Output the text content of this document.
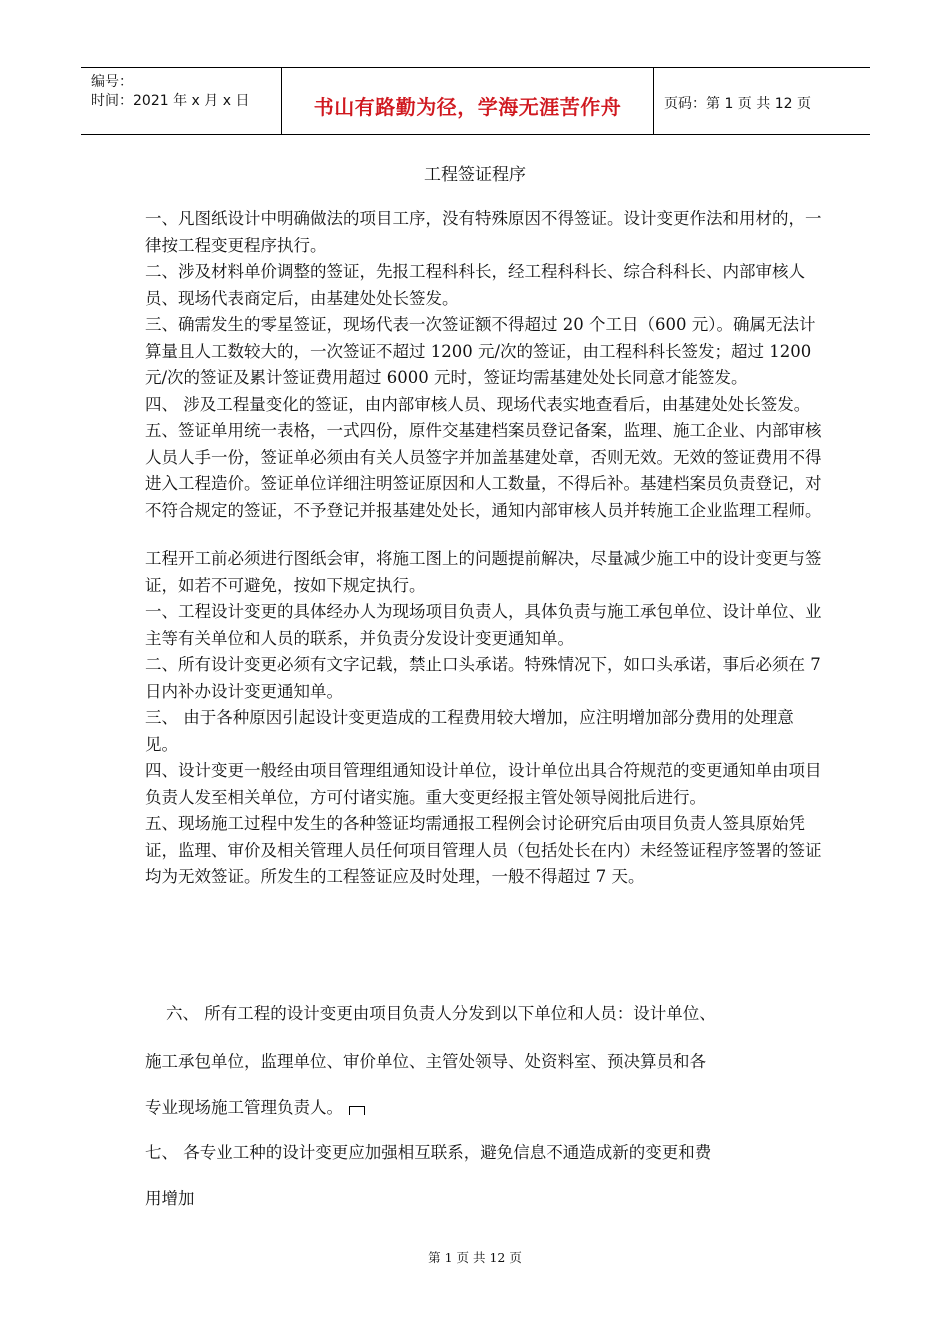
编号：
时间：2021 年 x 月 x 日	书山有路勤为径，学海无涯苦作舟	页码：第 1 页 共 12 页
工程签证程序

一、凡图纸设计中明确做法的项目工序，没有特殊原因不得签证。设计变更作法和用材的，一律按工程变更程序执行。

二、涉及材料单价调整的签证，先报工程科科长，经工程科科长、综合科科长、内部审核人员、现场代表商定后，由基建处处长签发。

三、确需发生的零星签证，现场代表一次签证额不得超过 20 个工日（600 元）。确属无法计算量且人工数较大的，一次签证不超过 1200 元/次的签证，由工程科科长签发；超过 1200 元/次的签证及累计签证费用超过 6000 元时，签证均需基建处处长同意才能签发。

四、 涉及工程量变化的签证，由内部审核人员、现场代表实地查看后，由基建处处长签发。

五、签证单用统一表格，一式四份，原件交基建档案员登记备案，监理、施工企业、内部审核人员人手一份，签证单必须由有关人员签字并加盖基建处章，否则无效。无效的签证费用不得进入工程造价。签证单位详细注明签证原因和人工数量，不得后补。基建档案员负责登记，对不符合规定的签证，不予登记并报基建处处长，通知内部审核人员并转施工企业监理工程师。

工程开工前必须进行图纸会审，将施工图上的问题提前解决，尽量减少施工中的设计变更与签证，如若不可避免，按如下规定执行。

一、工程设计变更的具体经办人为现场项目负责人，具体负责与施工承包单位、设计单位、业主等有关单位和人员的联系，并负责分发设计变更通知单。

二、所有设计变更必须有文字记载，禁止口头承诺。特殊情况下，如口头承诺，事后必须在 7 日内补办设计变更通知单。

三、 由于各种原因引起设计变更造成的工程费用较大增加，应注明增加部分费用的处理意见。

四、设计变更一般经由项目管理组通知设计单位，设计单位出具合符规范的变更通知单由项目负责人发至相关单位，方可付诸实施。重大变更经报主管处领导阅批后进行。

五、现场施工过程中发生的各种签证均需通报工程例会讨论研究后由项目负责人签具原始凭证，监理、审价及相关管理人员任何项目管理人员（包括处长在内）未经签证程序签署的签证均为无效签证。所发生的工程签证应及时处理，一般不得超过 7 天。

六、 所有工程的设计变更由项目负责人分发到以下单位和人员：设计单位、
施工承包单位，监理单位、审价单位、主管处领导、处资料室、预决算员和各
专业现场施工管理负责人。
七、 各专业工种的设计变更应加强相互联系，避免信息不通造成新的变更和费
用增加
第 1 页 共 12 页
